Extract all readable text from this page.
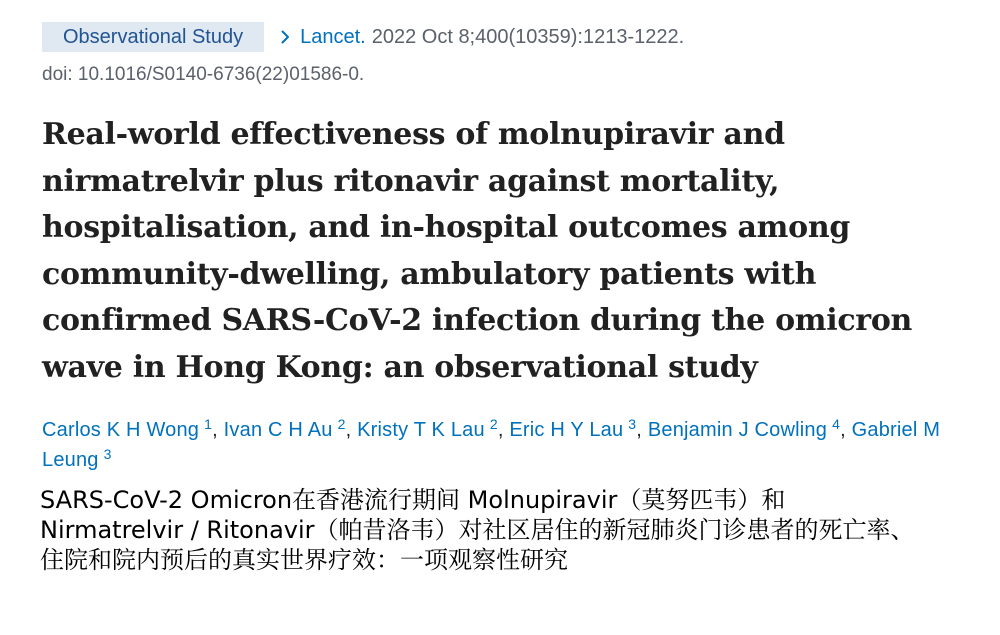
Observational Study	Lancet. 2022 Oct 8;400(10359):1213-1222.
doi: 10.1016/S0140-6736(22)01586-0.
Real-world effectiveness of molnupiravir and
nirmatrelvir plus ritonavir against mortality,
hospitalisation, and in-hospital outcomes among
community-dwelling, ambulatory patients with
confirmed SARS-CoV-2 infection during the omicron
wave in Hong Kong: an observational study
Carlos K H Wong $^1$, Ivan C H Au $^2$, Kristy T K Lau $^2$, Eric H Y Lau $^3$, Benjamin J Cowling $^4$, Gabriel M Leung $^3$
SARS-CoV-2 Omicron在香港流行期间 Molnupiravir（莫努匹韦）和
Nirmatrelvir / Ritonavir（帕昔洛韦）对社区居住的新冠肺炎门诊患者的死亡率、
住院和院内预后的真实世界疗效：一项观察性研究
